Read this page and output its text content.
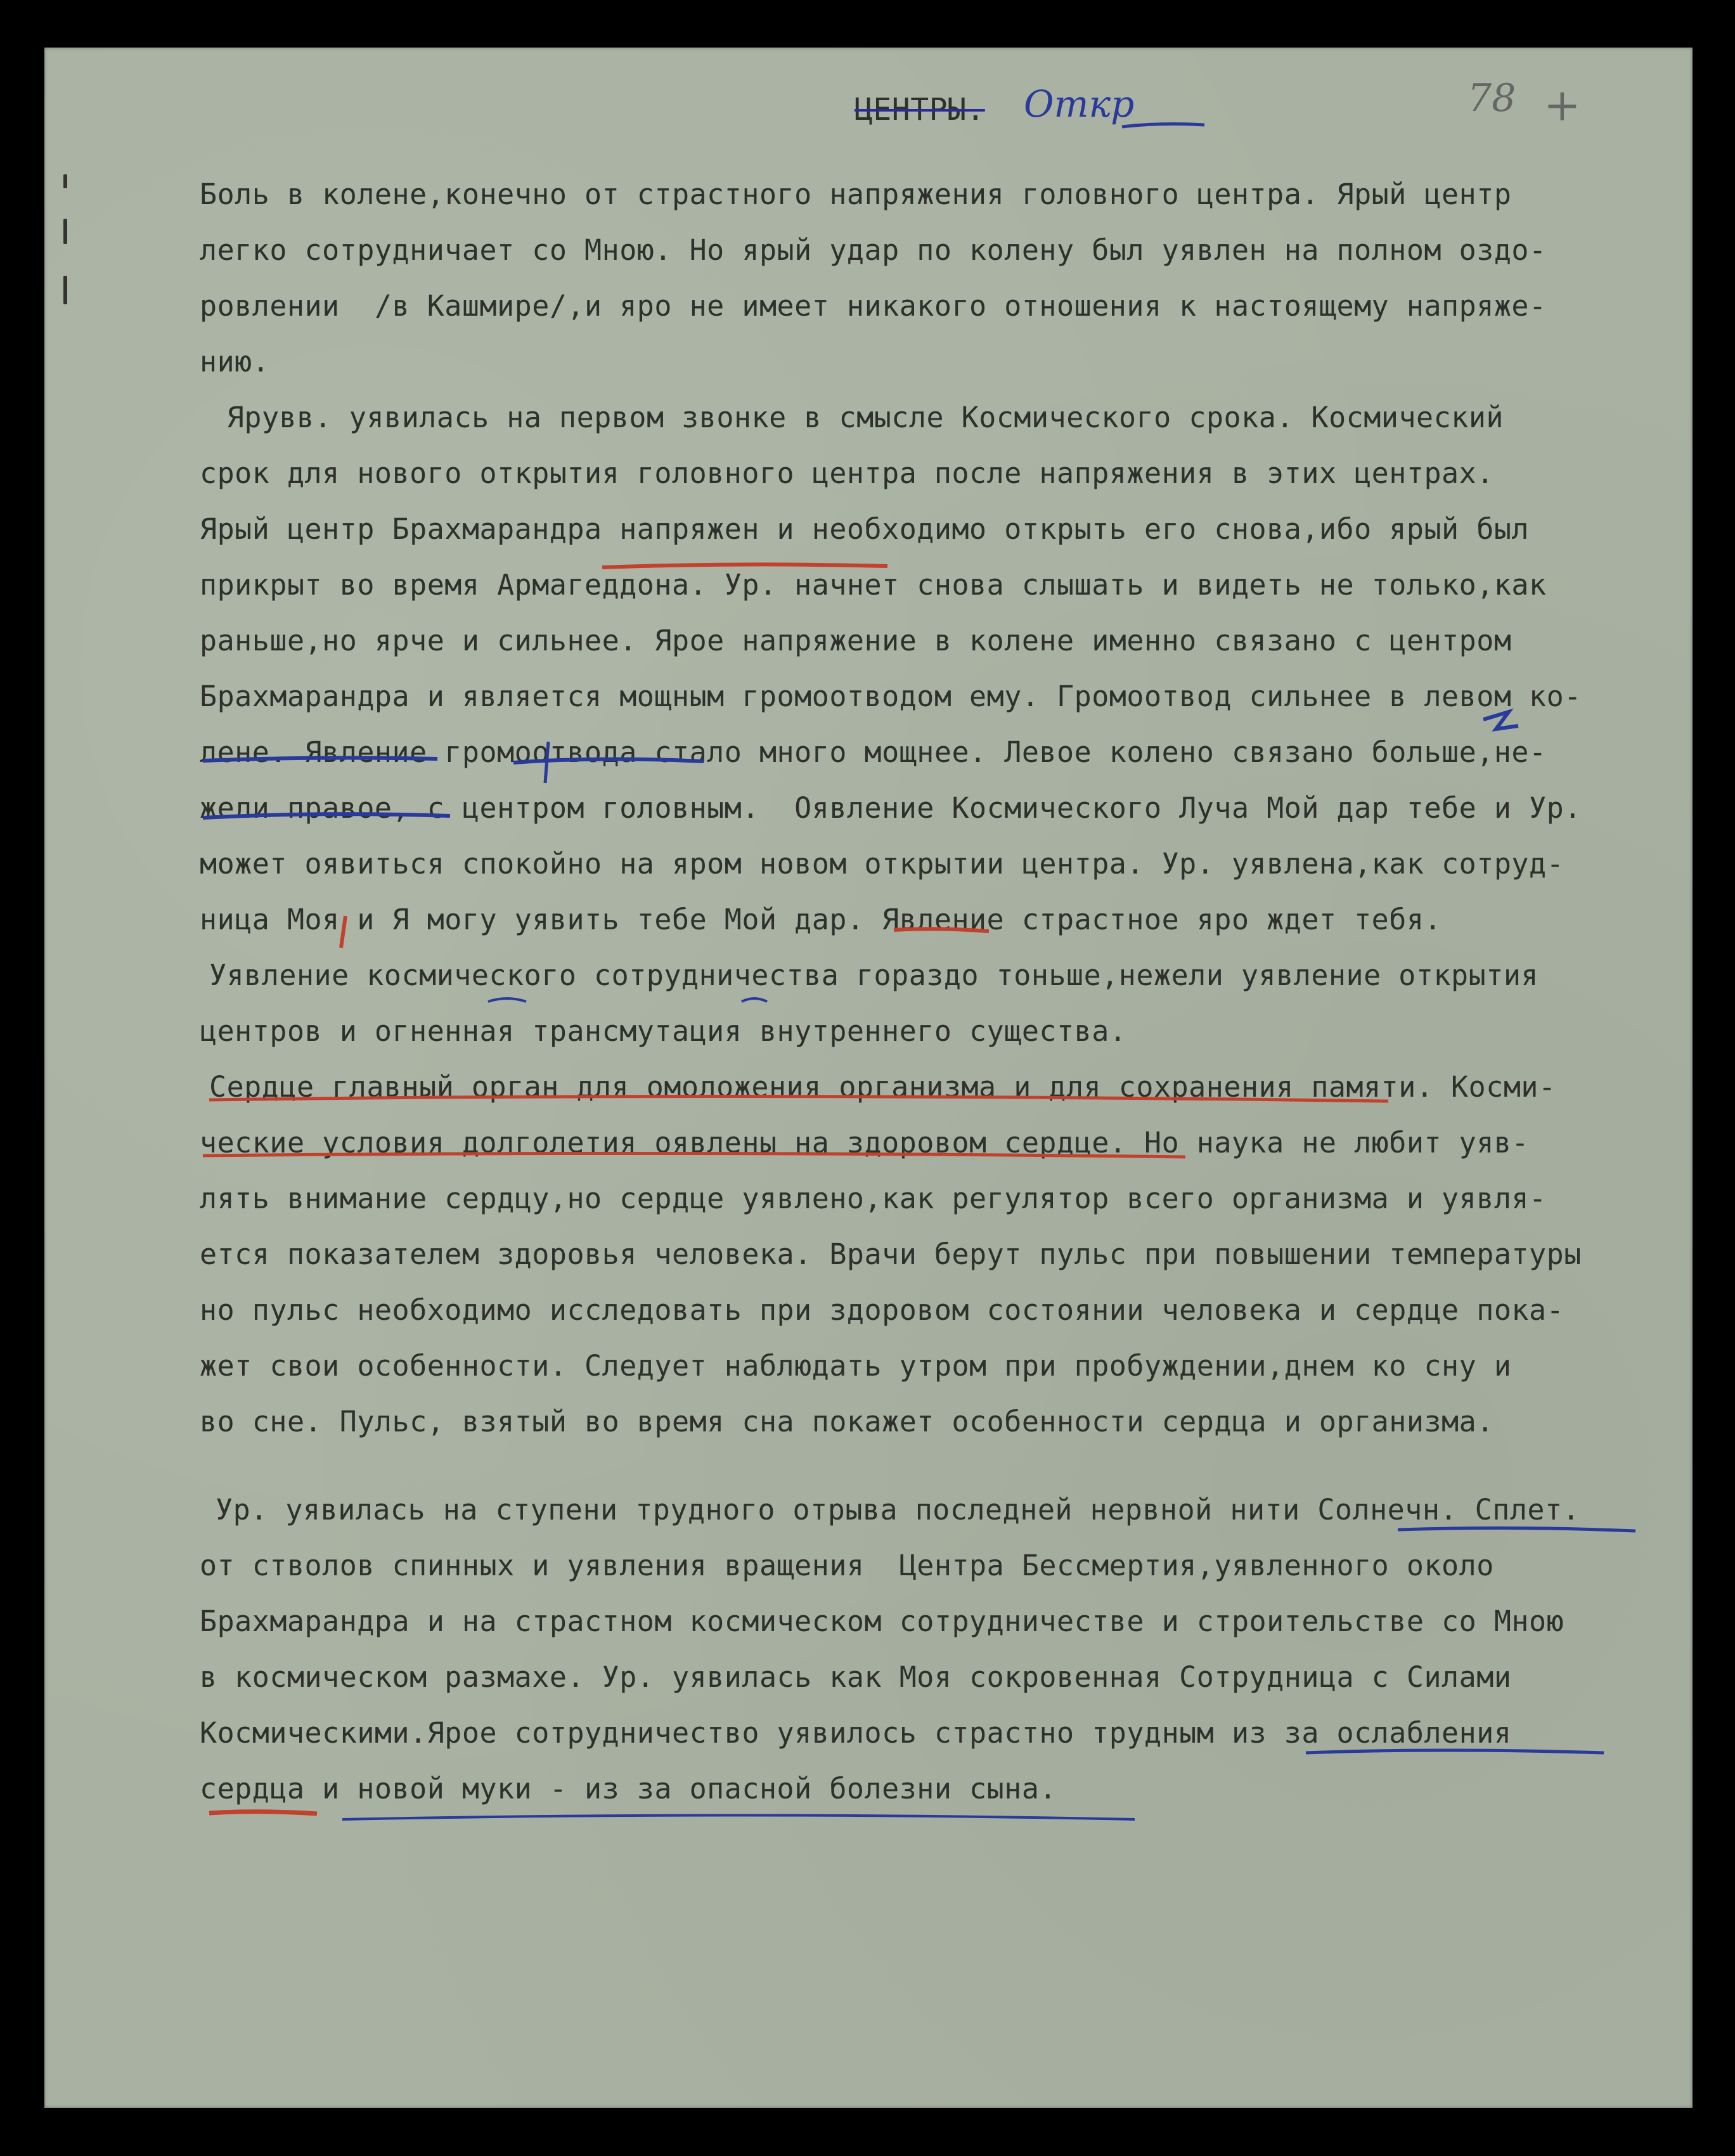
ЦЕНТРЫ. Откр_	78 +
Боль в колене,конечно от страстного напряжения головного центра. Ярый центр
легко сотрудничает со Мною. Но ярый удар по колену был уявлен на полном оздо-
ровлении  /в Кашмире/,и яро не имеет никакого отношения к настоящему напряже-
нию.
Ярувв. уявилась на первом звонке в смысле Космического срока. Космический
срок для нового открытия головного центра после напряжения в этих центрах.
Ярый центр Брахмарандра напряжен и необходимо открыть его снова,ибо ярый был
прикрыт во время Армагеддона. Ур. начнет снова слышать и видеть не только,как
раньше,но ярче и сильнее. Ярое напряжение в колене именно связано с центром
Брахмарандра и является мощным громоотводом ему. Громоотвод сильнее в левом ко-
лене. Явление громоотвода стало много мощнее. Левое колено связано больше,не-
жели правое, с центром головным.  Оявление Космического Луча Мой дар тебе и Ур.
может оявиться спокойно на яром новом открытии центра. Ур. уявлена,как сотруд-
ница Моя и Я могу уявить тебе Мой дар. Явление страстное яро ждет тебя.
Уявление космического сотрудничества гораздо тоньше,нежели уявление открытия
центров и огненная трансмутация внутреннего существа.
Сердце главный орган для омоложения организма и для сохранения памяти. Косми-
ческие условия долголетия оявлены на здоровом сердце. Но наука не любит уяв-
лять внимание сердцу,но сердце уявлено,как регулятор всего организма и уявля-
ется показателем здоровья человека. Врачи берут пульс при повышении температуры
но пульс необходимо исследовать при здоровом состоянии человека и сердце пока-
жет свои особенности. Следует наблюдать утром при пробуждении,днем ко сну и
во сне. Пульс, взятый во время сна покажет особенности сердца и организма.
Ур. уявилась на ступени трудного отрыва последней нервной нити Солнечн. Сплет.
от стволов спинных и уявления вращения  Центра Бессмертия,уявленного около
Брахмарандра и на страстном космическом сотрудничестве и строительстве со Мною
в космическом размахе. Ур. уявилась как Моя сокровенная Сотрудница с Силами
Космическими.Ярое сотрудничество уявилось страстно трудным из за ослабления
сердца и новой муки - из за опасной болезни сына.
